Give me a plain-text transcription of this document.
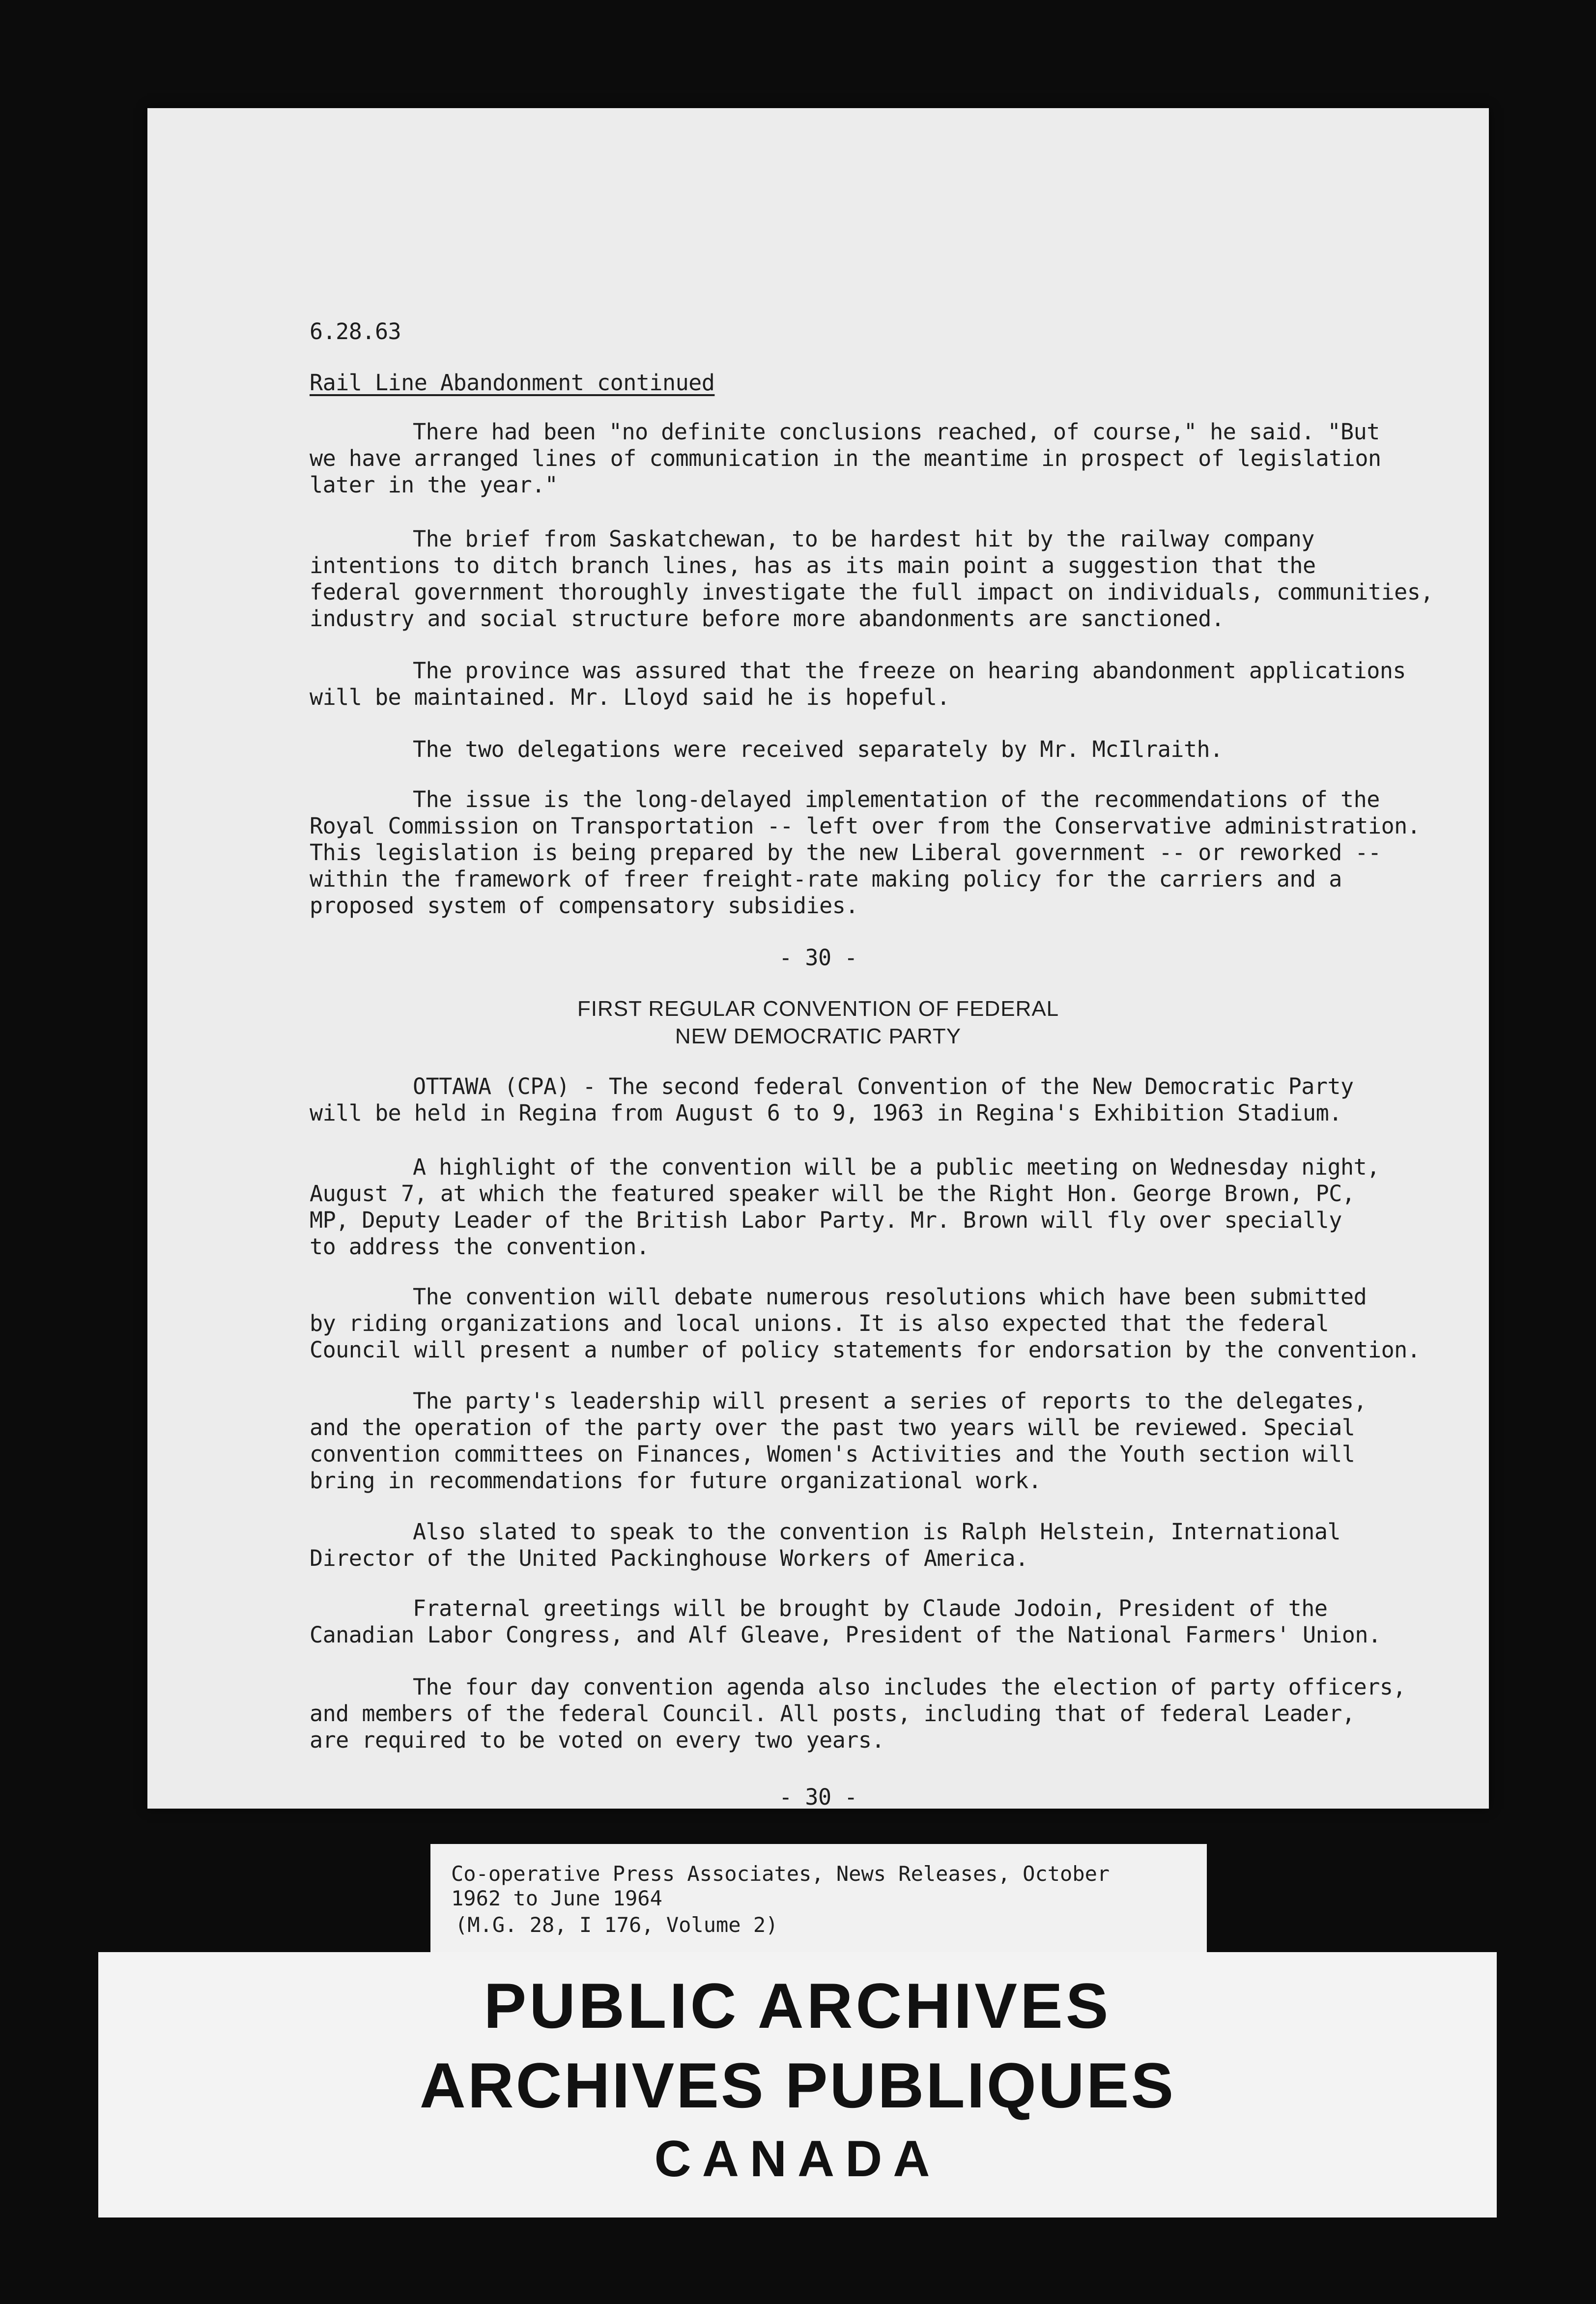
6.28.63

Rail Line Abandonment continued

There had been "no definite conclusions reached, of course," he said. "But
we have arranged lines of communication in the meantime in prospect of legislation
later in the year."

The brief from Saskatchewan, to be hardest hit by the railway company
intentions to ditch branch lines, has as its main point a suggestion that the
federal government thoroughly investigate the full impact on individuals, communities,
industry and social structure before more abandonments are sanctioned.

The province was assured that the freeze on hearing abandonment applications
will be maintained. Mr. Lloyd said he is hopeful.

The two delegations were received separately by Mr. McIlraith.

The issue is the long-delayed implementation of the recommendations of the
Royal Commission on Transportation -- left over from the Conservative administration.
This legislation is being prepared by the new Liberal government -- or reworked --
within the framework of freer freight-rate making policy for the carriers and a
proposed system of compensatory subsidies.

- 30 -

FIRST REGULAR CONVENTION OF FEDERAL

NEW DEMOCRATIC PARTY

OTTAWA (CPA) - The second federal Convention of the New Democratic Party
will be held in Regina from August 6 to 9, 1963 in Regina's Exhibition Stadium.

A highlight of the convention will be a public meeting on Wednesday night,
August 7, at which the featured speaker will be the Right Hon. George Brown, PC,
MP, Deputy Leader of the British Labor Party. Mr. Brown will fly over specially
to address the convention.

The convention will debate numerous resolutions which have been submitted
by riding organizations and local unions. It is also expected that the federal
Council will present a number of policy statements for endorsation by the convention.

The party's leadership will present a series of reports to the delegates,
and the operation of the party over the past two years will be reviewed. Special
convention committees on Finances, Women's Activities and the Youth section will
bring in recommendations for future organizational work.

Also slated to speak to the convention is Ralph Helstein, International
Director of the United Packinghouse Workers of America.

Fraternal greetings will be brought by Claude Jodoin, President of the
Canadian Labor Congress, and Alf Gleave, President of the National Farmers' Union.

The four day convention agenda also includes the election of party officers,
and members of the federal Council. All posts, including that of federal Leader,
are required to be voted on every two years.

- 30 -

Co-operative Press Associates, News Releases, October
1962 to June 1964

(M.G. 28, I 176, Volume 2)

PUBLIC ARCHIVES

ARCHIVES PUBLIQUES

CANADA
